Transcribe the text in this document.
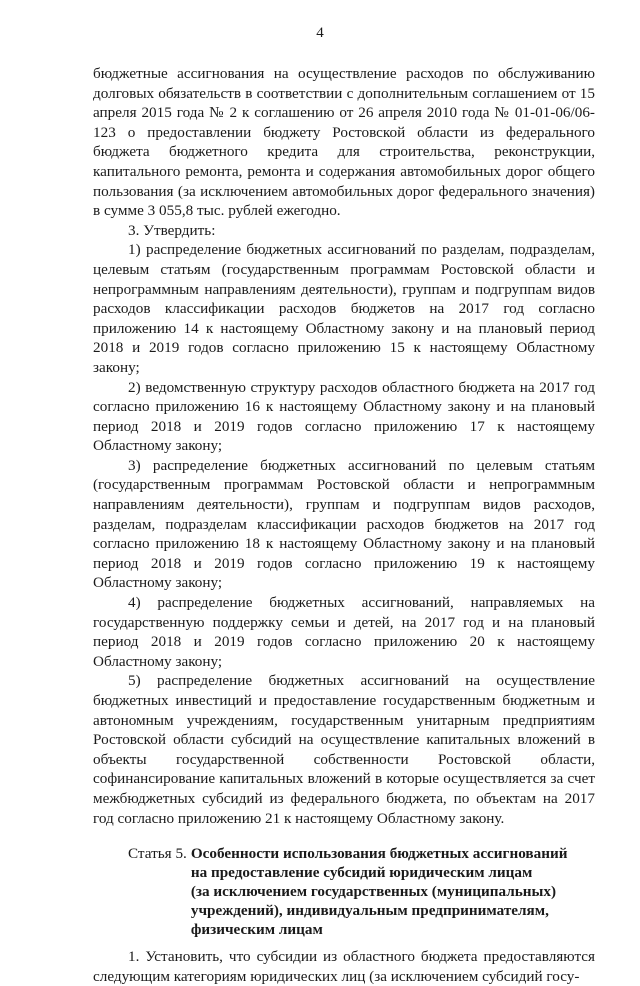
4

бюджетные ассигнования на осуществление расходов по обслуживанию долговых обязательств в соответствии с дополнительным соглашением от 15 апреля 2015 года № 2 к соглашению от 26 апреля 2010 года № 01-01-06/06-123 о предоставлении бюджету Ростовской области из федерального бюджета бюджетного кредита для строительства, реконструкции, капитального ремонта, ремонта и содержания автомобильных дорог общего пользования (за исключением автомобильных дорог федерального значения) в сумме 3 055,8 тыс. рублей ежегодно.

3. Утвердить:

1) распределение бюджетных ассигнований по разделам, подразделам, целевым статьям (государственным программам Ростовской области и непрограммным направлениям деятельности), группам и подгруппам видов расходов классификации расходов бюджетов на 2017 год согласно приложению 14 к настоящему Областному закону и на плановый период 2018 и 2019 годов согласно приложению 15 к настоящему Областному закону;

2) ведомственную структуру расходов областного бюджета на 2017 год согласно приложению 16 к настоящему Областному закону и на плановый период 2018 и 2019 годов согласно приложению 17 к настоящему Областному закону;

3) распределение бюджетных ассигнований по целевым статьям (государственным программам Ростовской области и непрограммным направлениям деятельности), группам и подгруппам видов расходов, разделам, подразделам классификации расходов бюджетов на 2017 год согласно приложению 18 к настоящему Областному закону и на плановый период 2018 и 2019 годов согласно приложению 19 к настоящему Областному закону;

4) распределение бюджетных ассигнований, направляемых на государственную поддержку семьи и детей, на 2017 год и на плановый период 2018 и 2019 годов согласно приложению 20 к настоящему Областному закону;

5) распределение бюджетных ассигнований на осуществление бюджетных инвестиций и предоставление государственным бюджетным и автономным учреждениям, государственным унитарным предприятиям Ростовской области субсидий на осуществление капитальных вложений в объекты государственной собственности Ростовской области, софинансирование капитальных вложений в которые осуществляется за счет межбюджетных субсидий из федерального бюджета, по объектам на 2017 год согласно приложению 21 к настоящему Областному закону.

Статья 5. Особенности использования бюджетных ассигнований
на предоставление субсидий юридическим лицам
(за исключением государственных (муниципальных)
учреждений), индивидуальным предпринимателям,
физическим лицам

1. Установить, что субсидии из областного бюджета предоставляются следующим категориям юридических лиц (за исключением субсидий госу-
